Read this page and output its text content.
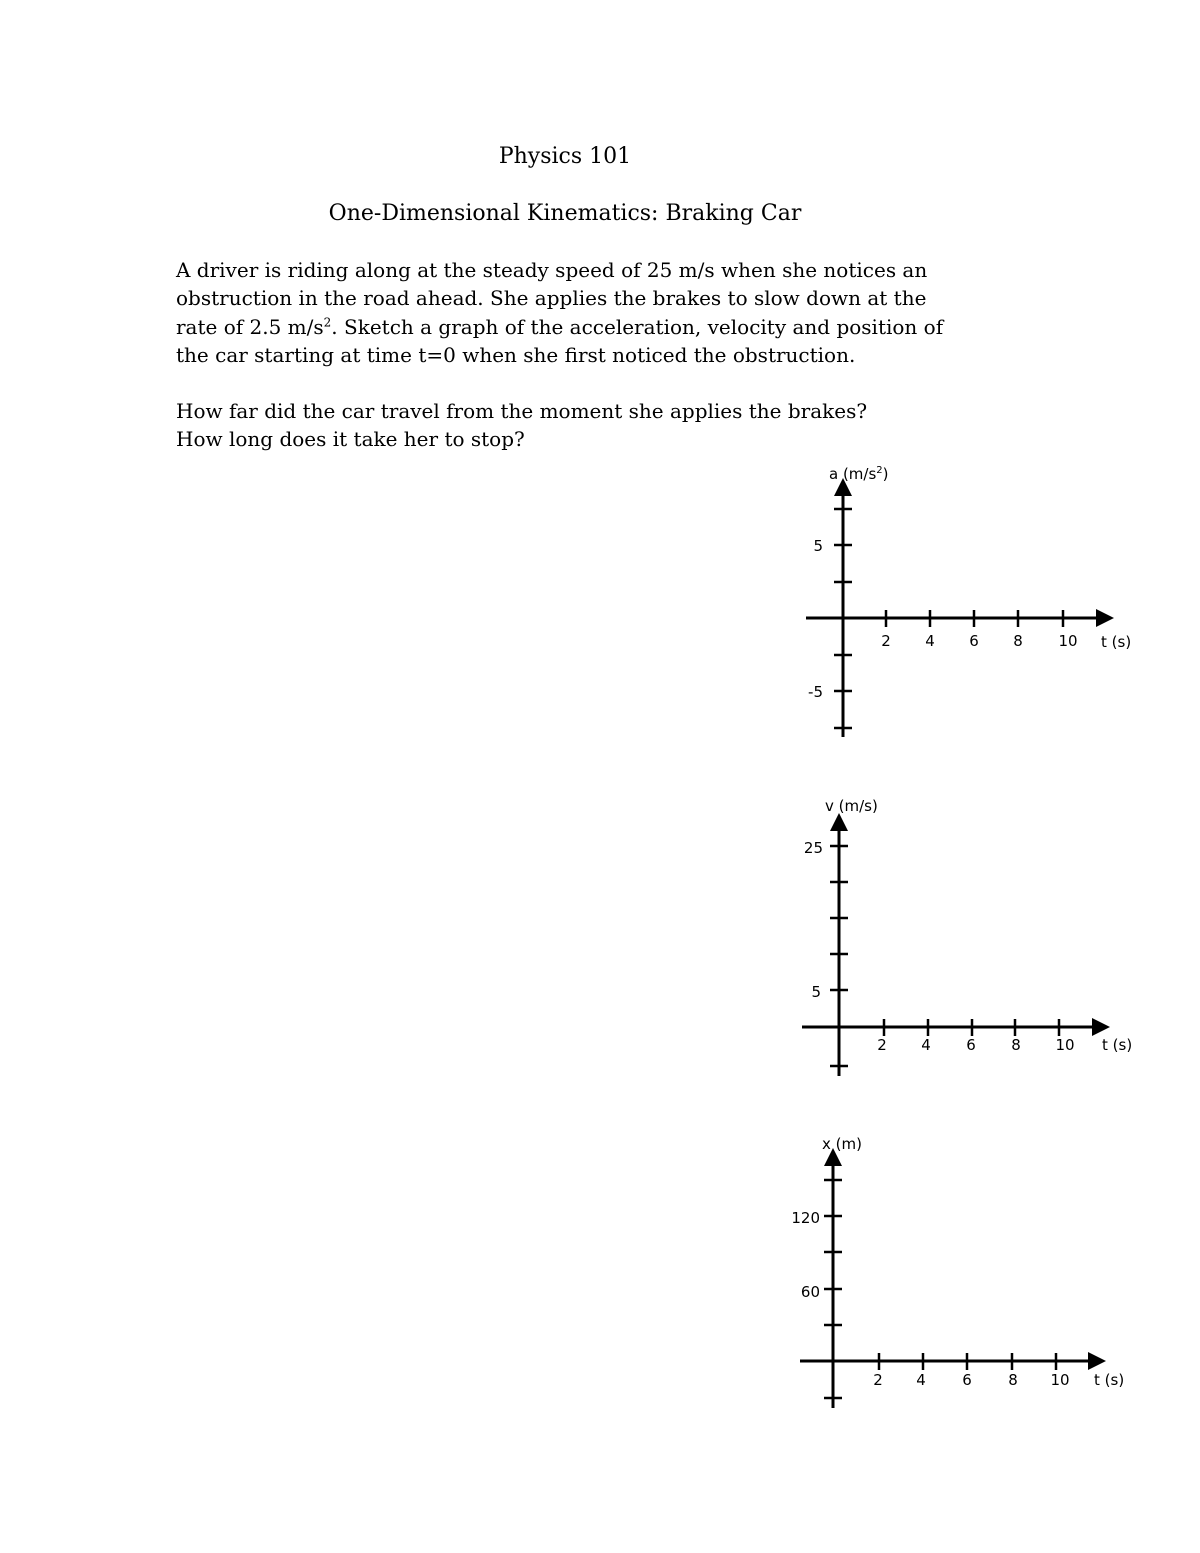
Physics 101
One-Dimensional Kinematics: Braking Car
A driver is riding along at the steady speed of 25 m/s when she notices an
obstruction in the road ahead. She applies the brakes to slow down at the
rate of 2.5 $m/s^2$. Sketch a graph of the acceleration, velocity and position of
the car starting at time t=0 when she first noticed the obstruction.
How far did the car travel from the moment she applies the brakes?
How long does it take her to stop?
a $(m/s^2)$
t (s)
5
-5
2 4 6 8 10
v (m/s)
t (s)
25
5
2 4 6 8 10
x (m)
t (s)
120
60
2 4 6 8 10
